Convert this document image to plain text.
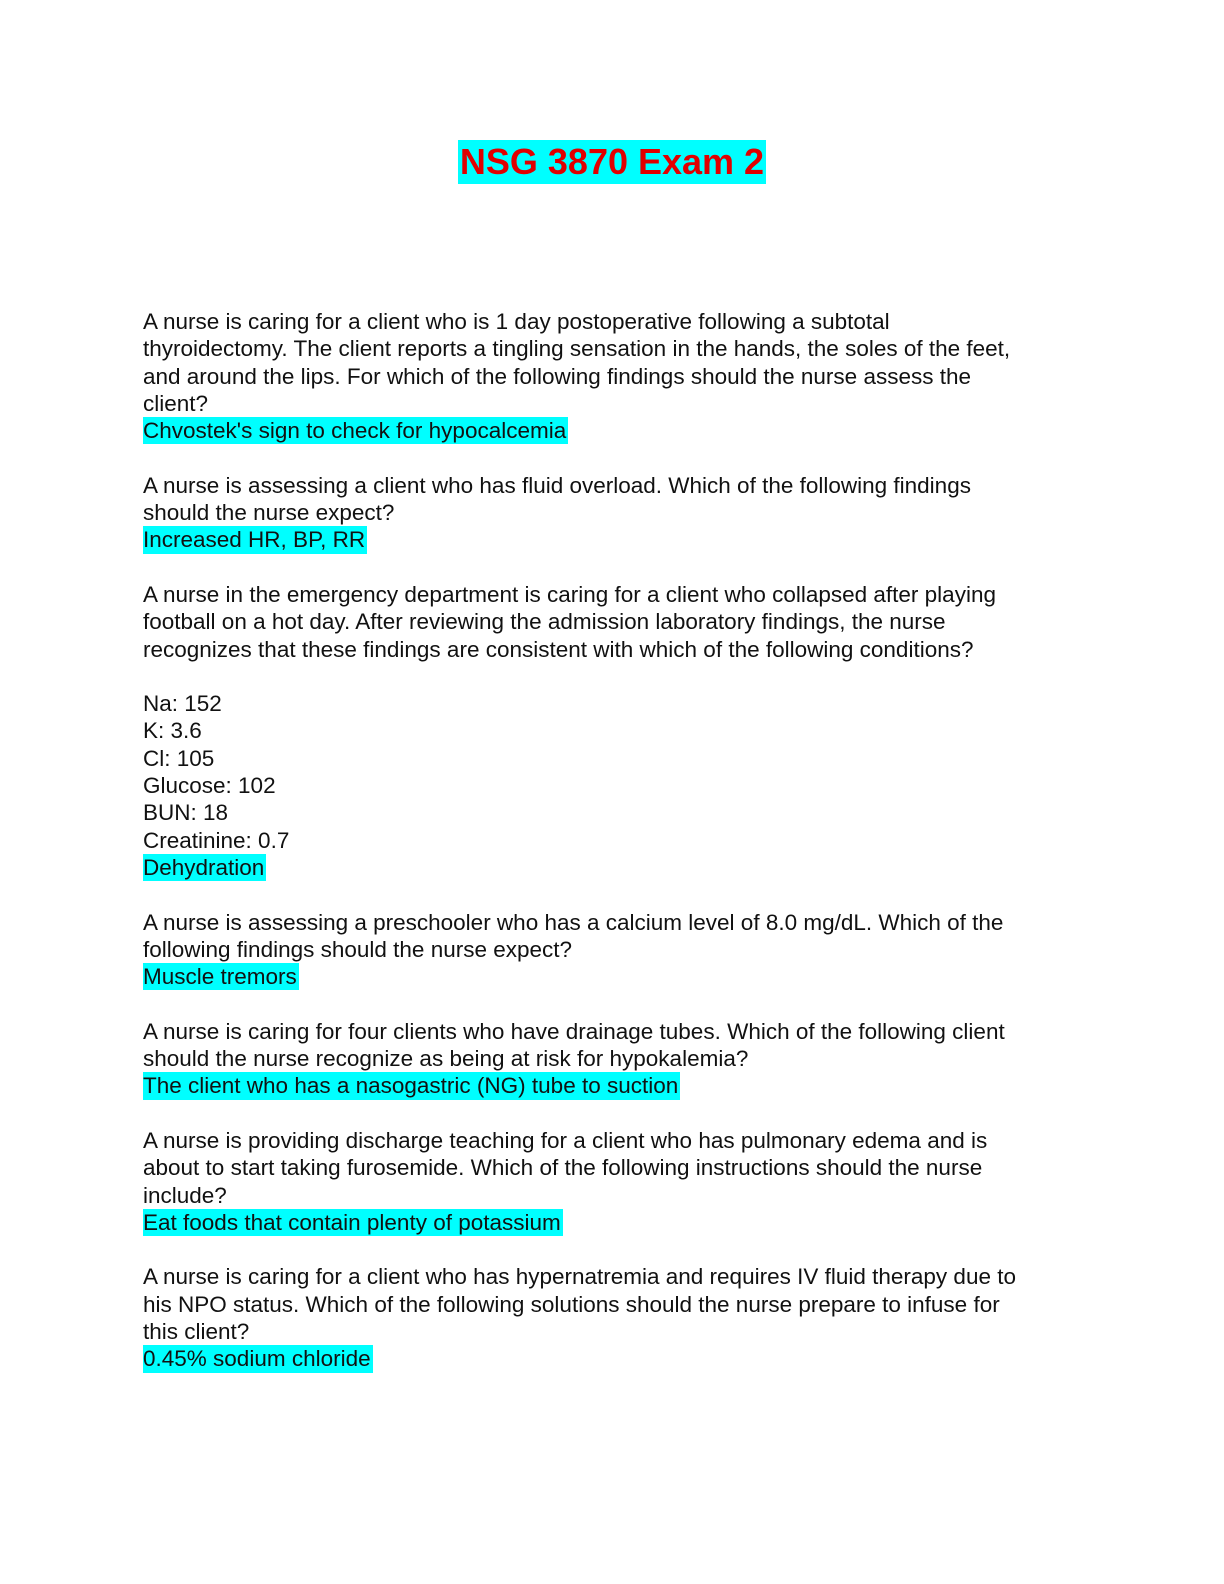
NSG 3870 Exam 2

A nurse is caring for a client who is 1 day postoperative following a subtotal
thyroidectomy. The client reports a tingling sensation in the hands, the soles of the feet,
and around the lips. For which of the following findings should the nurse assess the
client?

Chvostek's sign to check for hypocalcemia

A nurse is assessing a client who has fluid overload. Which of the following findings
should the nurse expect?

Increased HR, BP, RR

A nurse in the emergency department is caring for a client who collapsed after playing
football on a hot day. After reviewing the admission laboratory findings, the nurse
recognizes that these findings are consistent with which of the following conditions?

Na: 152
K: 3.6
Cl: 105
Glucose: 102
BUN: 18
Creatinine: 0.7

Dehydration

A nurse is assessing a preschooler who has a calcium level of 8.0 mg/dL. Which of the
following findings should the nurse expect?

Muscle tremors

A nurse is caring for four clients who have drainage tubes. Which of the following client
should the nurse recognize as being at risk for hypokalemia?

The client who has a nasogastric (NG) tube to suction

A nurse is providing discharge teaching for a client who has pulmonary edema and is
about to start taking furosemide. Which of the following instructions should the nurse
include?

Eat foods that contain plenty of potassium

A nurse is caring for a client who has hypernatremia and requires IV fluid therapy due to
his NPO status. Which of the following solutions should the nurse prepare to infuse for
this client?

0.45% sodium chloride
